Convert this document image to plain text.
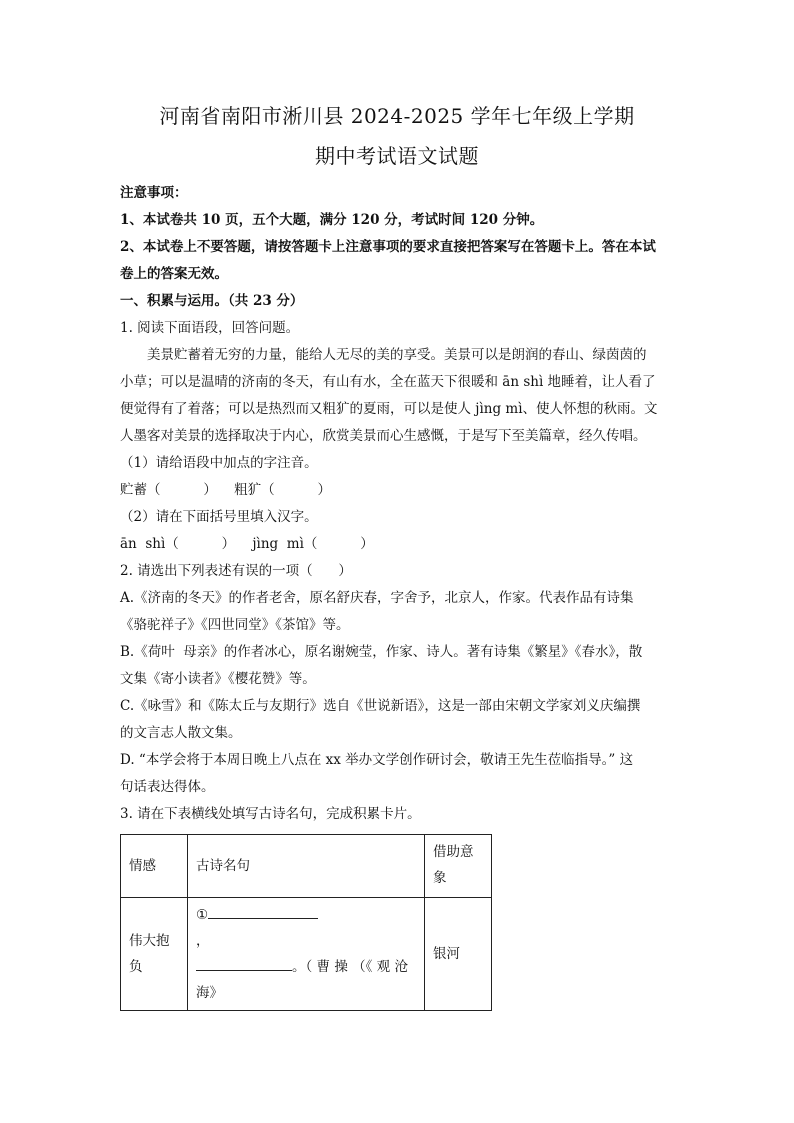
河南省南阳市淅川县 2024-2025 学年七年级上学期
期中考试语文试题

注意事项：

1、本试卷共 10 页，五个大题，满分 120 分，考试时间 120 分钟。

2、本试卷上不要答题，请按答题卡上注意事项的要求直接把答案写在答题卡上。答在本试

卷上的答案无效。

一、积累与运用。（共 23 分）

1. 阅读下面语段，回答问题。

美景贮蓄着无穷的力量，能给人无尽的美的享受。美景可以是朗润的春山、绿茵茵的

小草；可以是温晴的济南的冬天，有山有水，全在蓝天下很暖和 ān shì 地睡着，让人看了

便觉得有了着落；可以是热烈而又粗犷的夏雨，可以是使人 jìng mì、使人怀想的秋雨。文

人墨客对美景的选择取决于内心，欣赏美景而心生感慨，于是写下至美篇章，经久传唱。

（1）请给语段中加点的字注音。

贮蓄（          ）    粗犷（          ）

（2）请在下面括号里填入汉字。

ān  shì（          ）    jìng  mì（          ）

2. 请选出下列表述有误的一项（      ）

A.《济南的冬天》的作者老舍，原名舒庆春，字舍予，北京人，作家。代表作品有诗集

《骆驼祥子》《四世同堂》《茶馆》等。

B.《荷叶  母亲》的作者冰心，原名谢婉莹，作家、诗人。著有诗集《繁星》《春水》，散

文集《寄小读者》《樱花赞》等。

C.《咏雪》和《陈太丘与友期行》选自《世说新语》，这是一部由宋朝文学家刘义庆编撰

的文言志人散文集。

D. “本学会将于本周日晚上八点在 xx 举办文学创作研讨会，敬请王先生莅临指导。” 这

句话表达得体。

3. 请在下表横线处填写古诗名句，完成积累卡片。

情感	古诗名句	借助意象
伟大抱负	①，
。（ 曹 操 （《 观 沧
海》	银河
